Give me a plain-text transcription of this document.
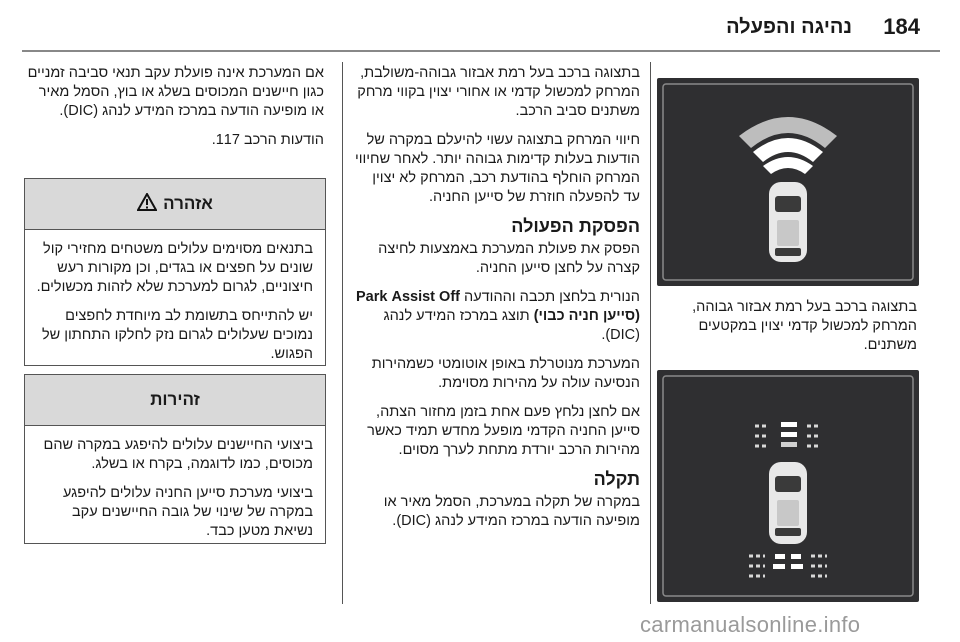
184
נהיגה והפעלה

בתצוגה ברכב בעל רמת אבזור גבוהה, המרחק למכשול קדמי יצוין במקטעים משתנים.

בתצוגה ברכב בעל רמת אבזור גבוהה-משולבת, המרחק למכשול קדמי או אחורי יצוין בקווי מרחק משתנים סביב הרכב.

חיווי המרחק בתצוגה עשוי להיעלם במקרה של הודעות בעלות קדימות גבוהה יותר. לאחר שחיווי המרחק הוחלף בהודעת רכב, המרחק לא יצוין עד להפעלה חוזרת של סייען החניה.

הפסקת הפעולה

הפסק את פעולת המערכת באמצעות לחיצה קצרה על לחצן סייען החניה.

הנורית בלחצן תכבה וההודעה Park Assist Off (סייען חניה כבוי) תוצג במרכז המידע לנהג (DIC).

המערכת מנוטרלת באופן אוטומטי כשמהירות הנסיעה עולה על מהירות מסוימת.

אם לחצן נלחץ פעם אחת בזמן מחזור הצתה, סייען החניה הקדמי מופעל מחדש תמיד כאשר מהירות הרכב יורדת מתחת לערך מסוים.

תקלה

במקרה של תקלה במערכת, הסמל מאיר או מופיעה הודעה במרכז המידע לנהג (DIC).

אם המערכת אינה פועלת עקב תנאי סביבה זמניים כגון חיישנים המכוסים בשלג או בוץ, הסמל מאיר או מופיעה הודעה במרכז המידע לנהג (DIC).

הודעות הרכב 117.

אזהרה

בתנאים מסוימים עלולים משטחים מחזירי קול שונים על חפצים או בגדים, וכן מקורות רעש חיצוניים, לגרום למערכת שלא לזהות מכשולים.

יש להתייחס בתשומת לב מיוחדת לחפצים נמוכים שעלולים לגרום נזק לחלקו התחתון של הפגוש.

זהירות

ביצועי החיישנים עלולים להיפגע במקרה שהם מכוסים, כמו לדוגמה, בקרח או בשלג.

ביצועי מערכת סייען החניה עלולים להיפגע במקרה של שינוי של גובה החיישנים עקב נשיאת מטען כבד.

carmanualsonline.info
